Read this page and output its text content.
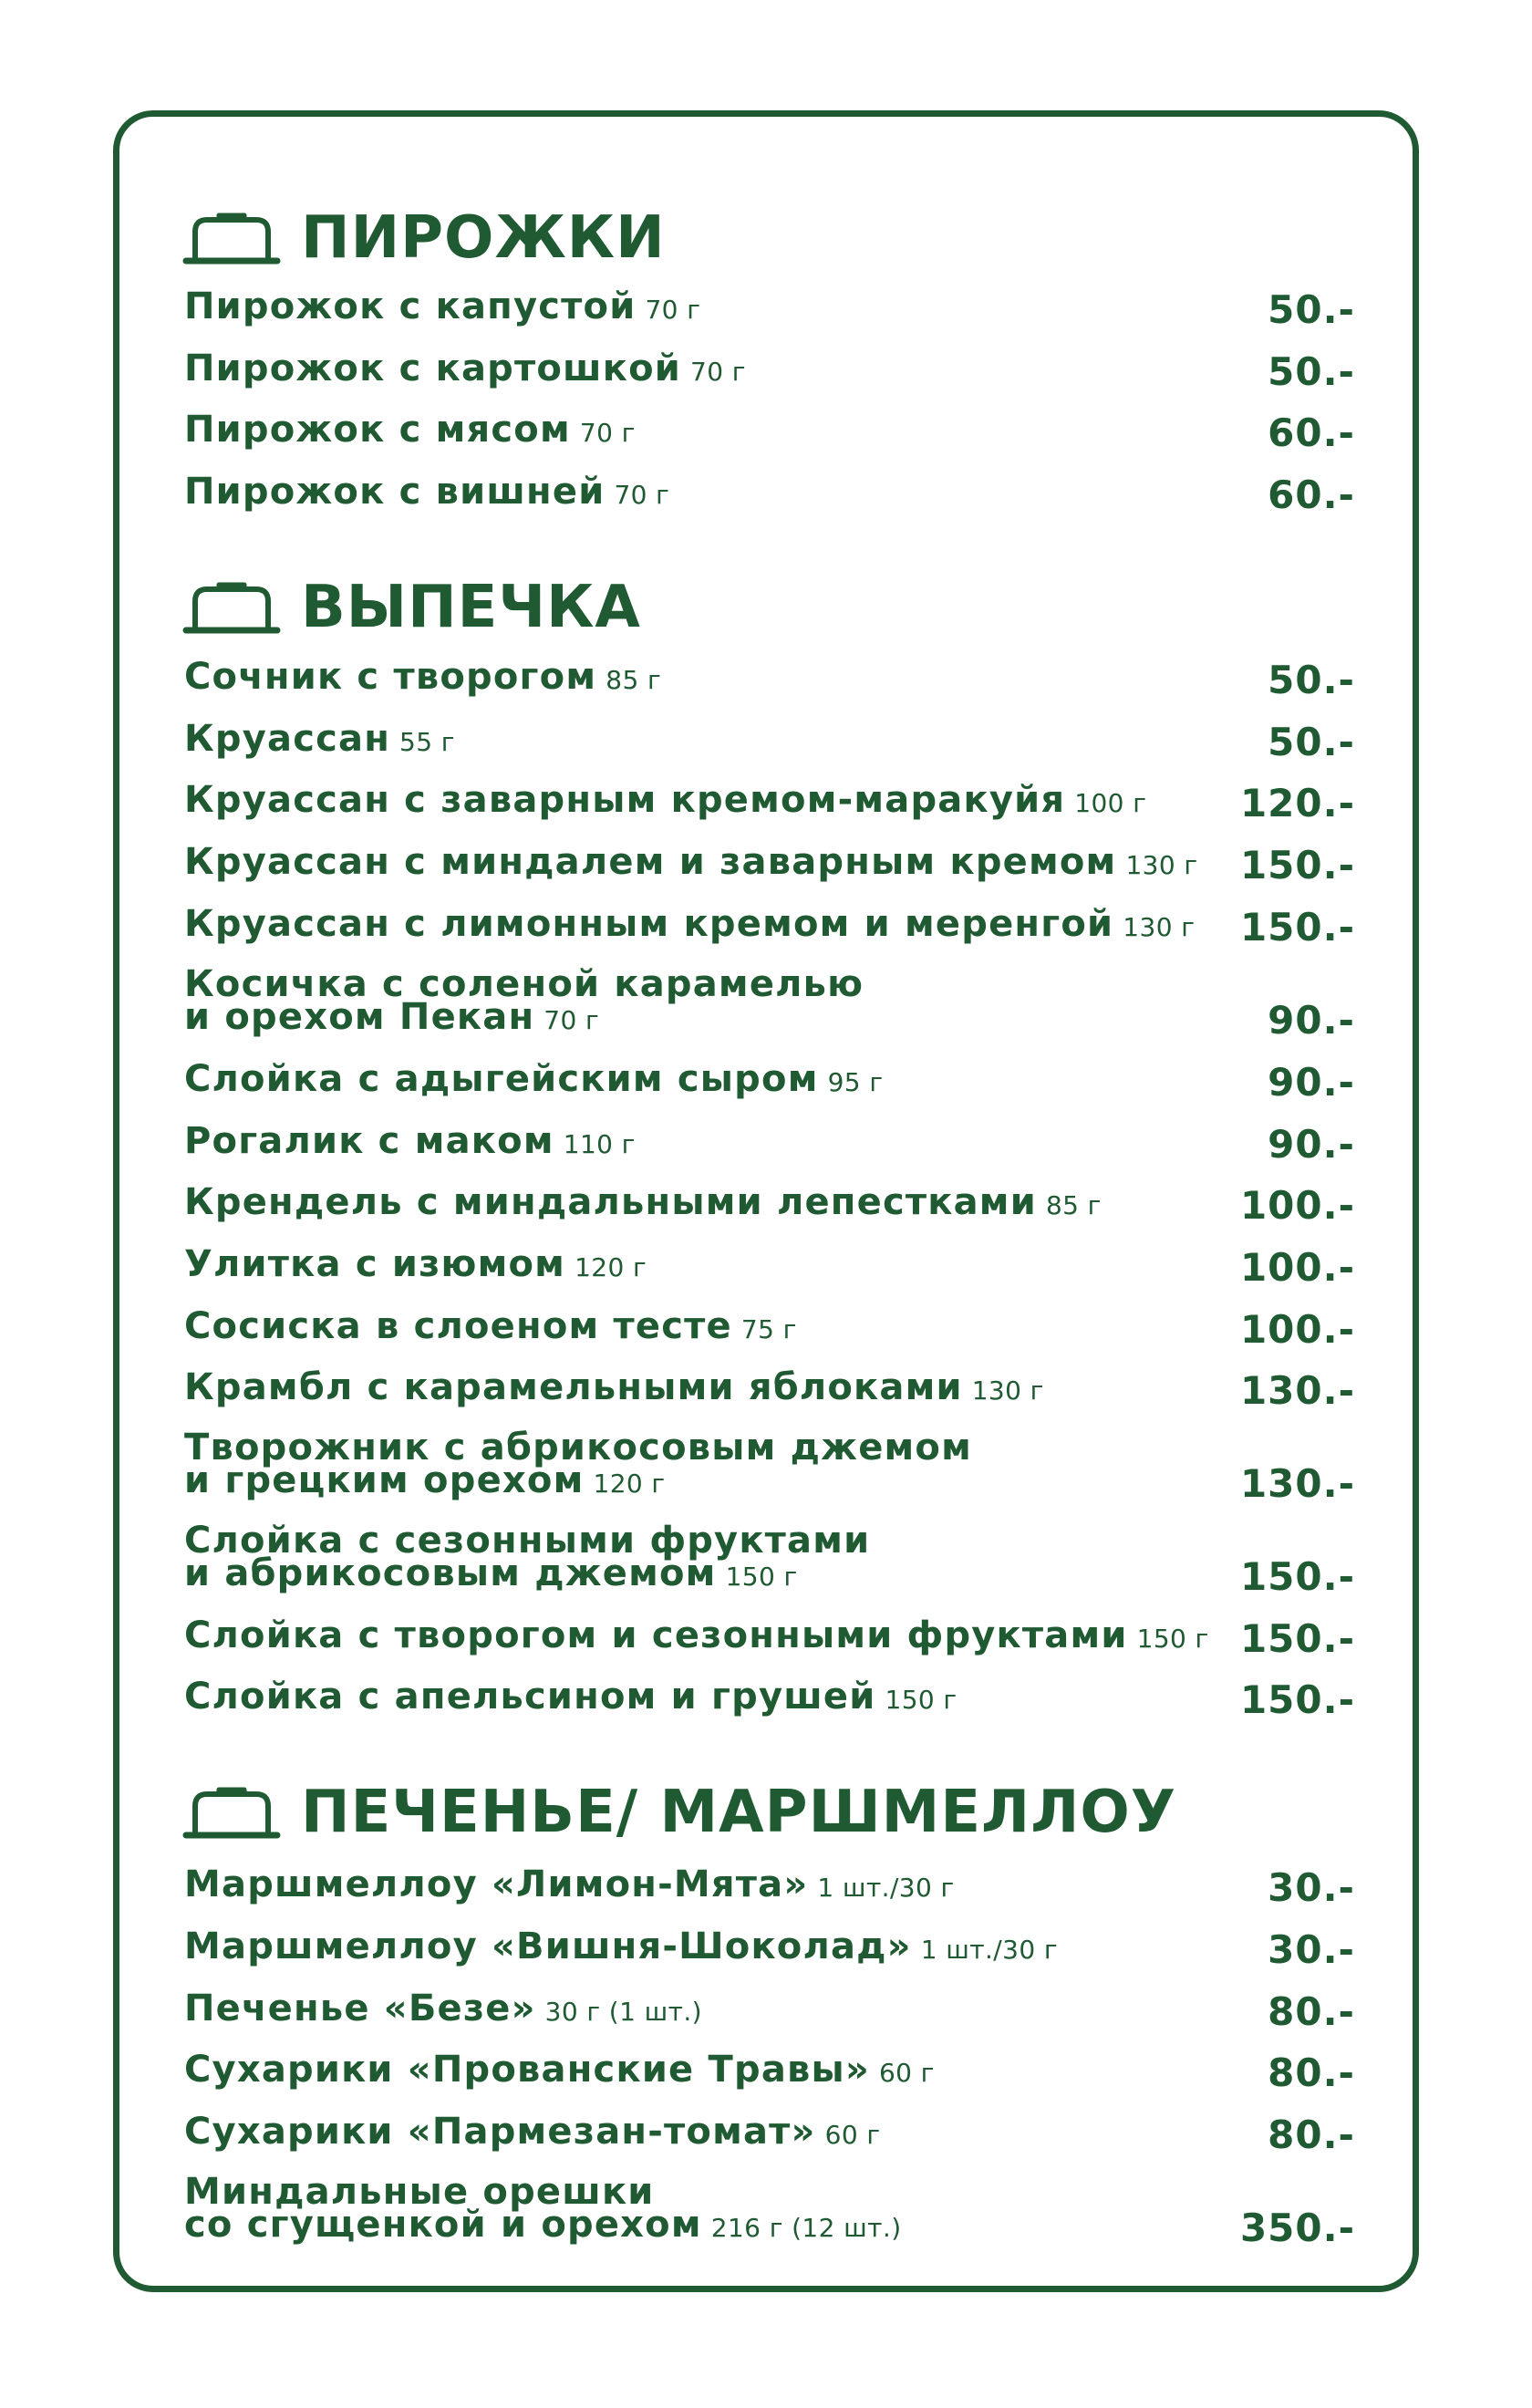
ПИРОЖКИ
Пирожок с капустой 70 г	50.-
Пирожок с картошкой 70 г	50.-
Пирожок с мясом 70 г	60.-
Пирожок с вишней 70 г	60.-
ВЫПЕЧКА
Сочник с творогом 85 г	50.-
Круассан 55 г	50.-
Круассан с заварным кремом-маракуйя 100 г 120.-
Круассан с миндалем и заварным кремом 130 г 150.-
Круассан с лимонным кремом и меренгой 130 г 150.-
Косичка с соленой карамелью
и орехом Пекан 70 г	90.-
Слойка с адыгейским сыром 95 г	90.-
Рогалик с маком 110 г	90.-
Крендель с миндальными лепестками 85 г	100.-
Улитка с изюмом 120 г	100.-
Сосиска в слоеном тесте 75 г	100.-
Крамбл с карамельными яблоками 130 г	130.-
Творожник с абрикосовым джемом
и грецким орехом 120 г	130.-
Слойка с сезонными фруктами
и абрикосовым джемом 150 г	150.-
Слойка с творогом и сезонными фруктами 150 г 150.-
Слойка с апельсином и грушей 150 г	150.-
ПЕЧЕНЬЕ/ МАРШМЕЛЛОУ
Маршмеллоу «Лимон-Мята» 1 шт./30 г	30.-
Маршмеллоу «Вишня-Шоколад» 1 шт./30 г	30.-
Печенье «Безе» 30 г (1 шт.)	80.-
Сухарики «Прованские Травы» 60 г	80.-
Сухарики «Пармезан-томат» 60 г	80.-
Миндальные орешки
со сгущенкой и орехом 216 г (12 шт.)	350.-
